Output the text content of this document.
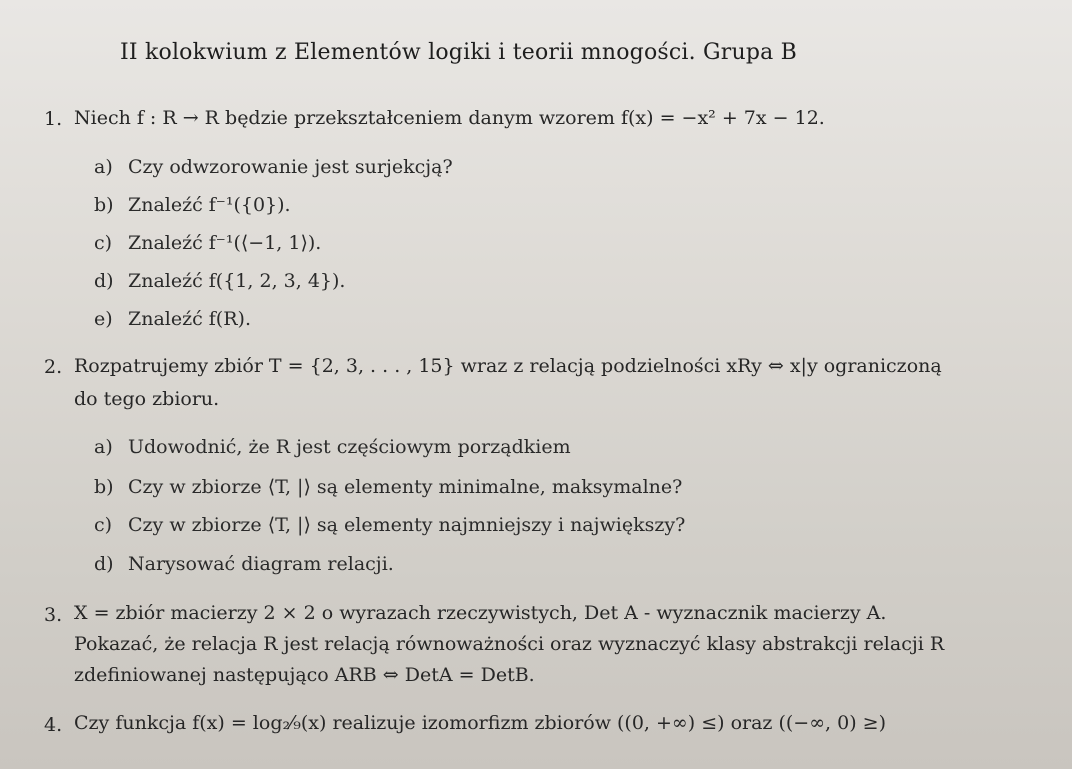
II kolokwium z Elementów logiki i teorii mnogości. Grupa B
1. Niech f : R → R będzie przekształceniem danym wzorem f(x) = −x² + 7x − 12.
a) Czy odwzorowanie jest surjekcją?
b) Znaleźć f⁻¹({0}).
c) Znaleźć f⁻¹(⟨−1, 1⟩).
d) Znaleźć f({1, 2, 3, 4}).
e) Znaleźć f(R).
2. Rozpatrujemy zbiór T = {2, 3, . . . , 15} wraz z relacją podzielności xRy ⇔ x|y ograniczoną
do tego zbioru.
a) Udowodnić, że R jest częściowym porządkiem
b) Czy w zbiorze ⟨T, |⟩ są elementy minimalne, maksymalne?
c) Czy w zbiorze ⟨T, |⟩ są elementy najmniejszy i największy?
d) Narysować diagram relacji.
3. X = zbiór macierzy 2 × 2 o wyrazach rzeczywistych, Det A - wyznacznik macierzy A.
Pokazać, że relacja R jest relacją równoważności oraz wyznaczyć klasy abstrakcji relacji R
zdefiniowanej następująco ARB ⇔ DetA = DetB.
4. Czy funkcja f(x) = log₂⁄₉(x) realizuje izomorfizm zbiorów ((0, +∞) ≤) oraz ((−∞, 0) ≥)
